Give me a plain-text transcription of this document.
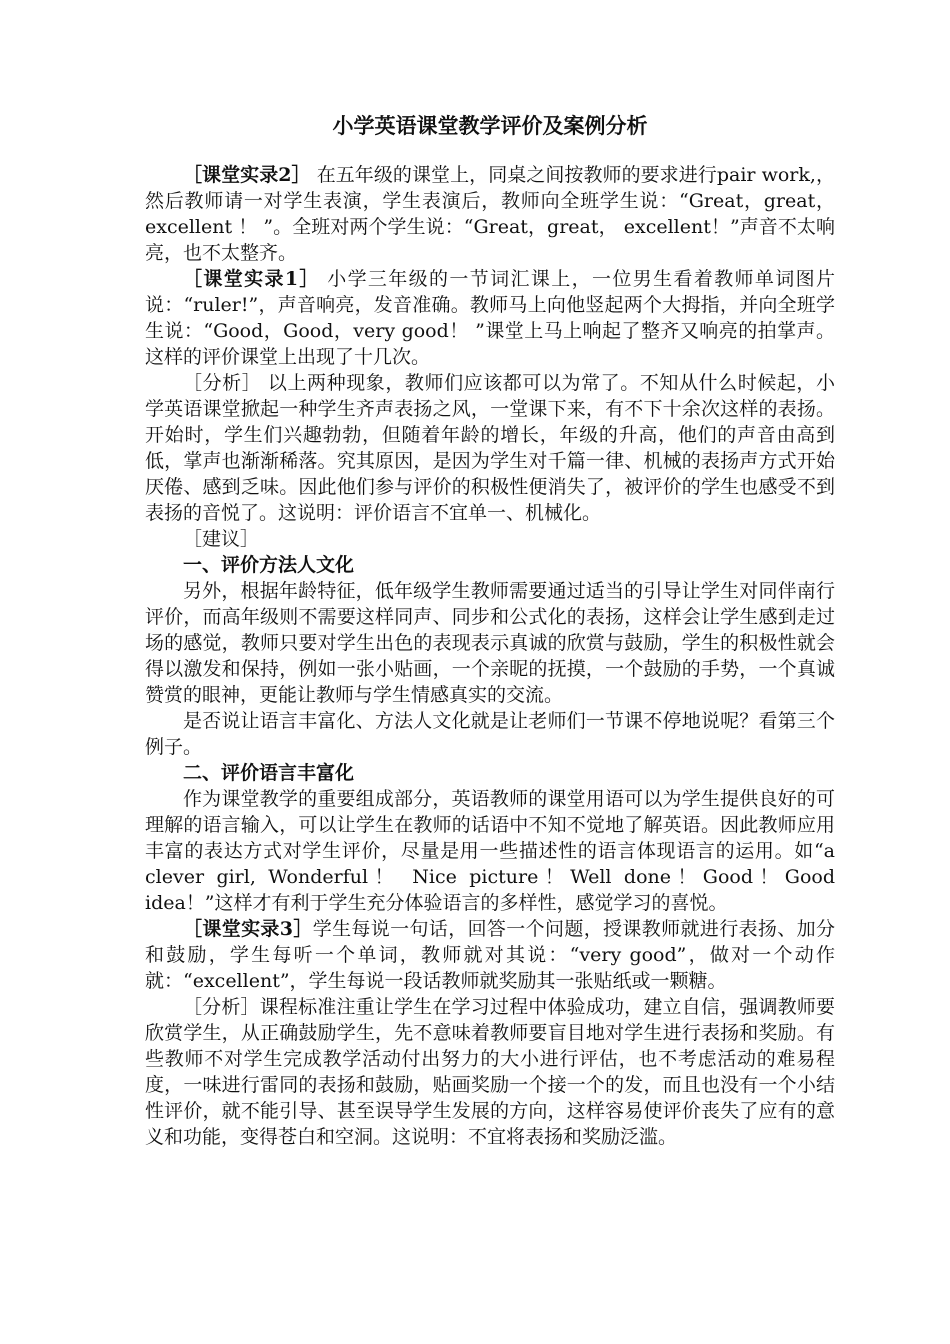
小学英语课堂教学评价及案例分析

［课堂实录2］ 在五年级的课堂上，同桌之间按教师的要求进行pair work,，然后教师请一对学生表演，学生表演后，教师向全班学生说：“Great，great，excellent ！ ”。全班对两个学生说：“Great，great， excellent！”声音不太响亮，也不太整齐。

［课堂实录1］ 小学三年级的一节词汇课上，一位男生看着教师单词图片说：“ruler!”，声音响亮，发音准确。教师马上向他竖起两个大拇指，并向全班学生说：“Good，Good，very good！ ”课堂上马上响起了整齐又响亮的拍掌声。这样的评价课堂上出现了十几次。

［分析］ 以上两种现象，教师们应该都可以为常了。不知从什么时候起，小学英语课堂掀起一种学生齐声表扬之风，一堂课下来，有不下十余次这样的表扬。开始时，学生们兴趣勃勃，但随着年龄的增长，年级的升高，他们的声音由高到低，掌声也渐渐稀落。究其原因，是因为学生对千篇一律、机械的表扬声方式开始厌倦、感到乏味。因此他们参与评价的积极性便消失了，被评价的学生也感受不到表扬的音悦了。这说明：评价语言不宜单一、机械化。

［建议］

一、评价方法人文化

另外，根据年龄特征，低年级学生教师需要通过适当的引导让学生对同伴南行评价，而高年级则不需要这样同声、同步和公式化的表扬，这样会让学生感到走过场的感觉，教师只要对学生出色的表现表示真诚的欣赏与鼓励，学生的积极性就会得以激发和保持，例如一张小贴画，一个亲昵的抚摸，一个鼓励的手势，一个真诚赞赏的眼神，更能让教师与学生情感真实的交流。

是否说让语言丰富化、方法人文化就是让老师们一节课不停地说呢？看第三个例子。

二、评价语言丰富化

作为课堂教学的重要组成部分，英语教师的课堂用语可以为学生提供良好的可理解的语言输入，可以让学生在教师的话语中不知不觉地了解英语。因此教师应用丰富的表达方式对学生评价，尽量是用一些描述性的语言体现语言的运用。如“a clever girl, Wonderful！ Nice picture！Well done！Good！Good idea！”这样才有利于学生充分体验语言的多样性，感觉学习的喜悦。

［课堂实录3］学生每说一句话，回答一个问题，授课教师就进行表扬、加分和鼓励，学生每听一个单词，教师就对其说：“very good”，做对一个动作就：“excellent”，学生每说一段话教师就奖励其一张贴纸或一颗糖。

［分析］课程标准注重让学生在学习过程中体验成功，建立自信，强调教师要欣赏学生，从正确鼓励学生，先不意味着教师要盲目地对学生进行表扬和奖励。有些教师不对学生完成教学活动付出努力的大小进行评估，也不考虑活动的难易程度，一味进行雷同的表扬和鼓励，贴画奖励一个接一个的发，而且也没有一个小结性评价，就不能引导、甚至误导学生发展的方向，这样容易使评价丧失了应有的意义和功能，变得苍白和空洞。这说明：不宜将表扬和奖励泛滥。
